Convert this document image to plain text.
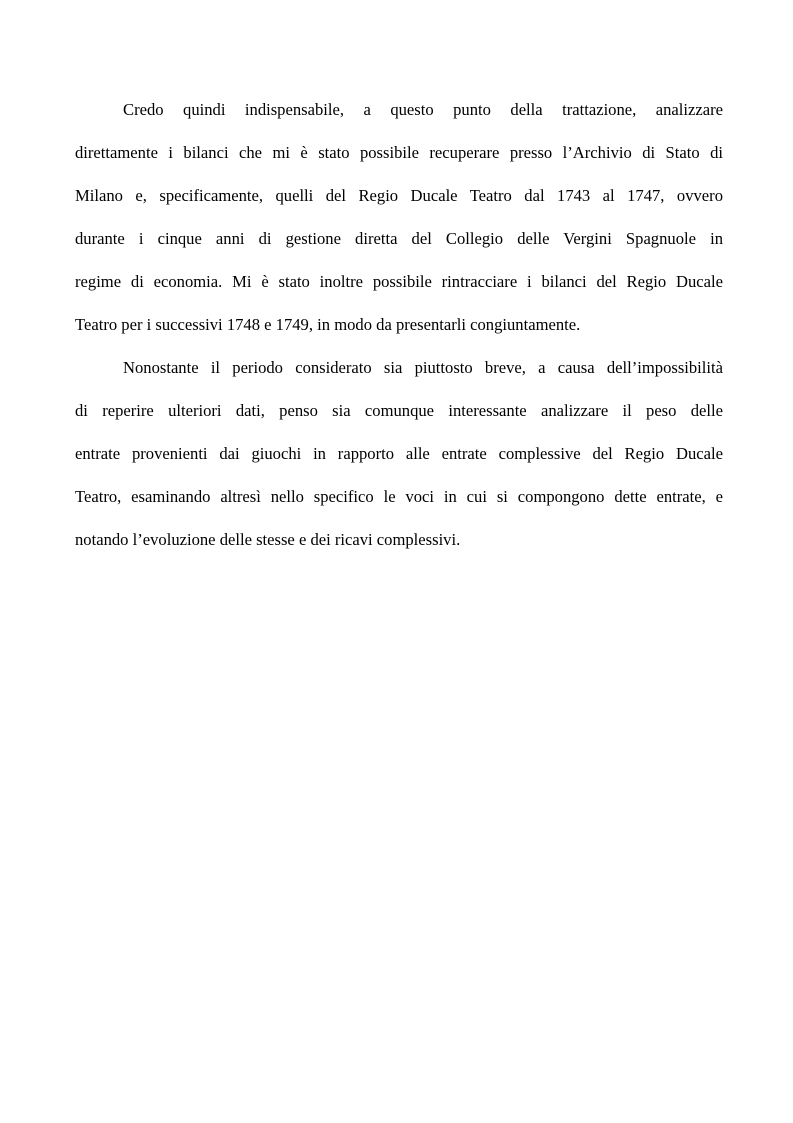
Credo quindi indispensabile, a questo punto della trattazione, analizzare
direttamente i bilanci che mi è stato possibile recuperare presso l’Archivio di Stato di
Milano e, specificamente, quelli del Regio Ducale Teatro dal 1743 al 1747, ovvero
durante i cinque anni di gestione diretta del Collegio delle Vergini Spagnuole in
regime di economia. Mi è stato inoltre possibile rintracciare i bilanci del Regio Ducale
Teatro per i successivi 1748 e 1749, in modo da presentarli congiuntamente.
Nonostante il periodo considerato sia piuttosto breve, a causa dell’impossibilità
di reperire ulteriori dati, penso sia comunque interessante analizzare il peso delle
entrate provenienti dai giuochi in rapporto alle entrate complessive del Regio Ducale
Teatro, esaminando altresì nello specifico le voci in cui si compongono dette entrate, e
notando l’evoluzione delle stesse e dei ricavi complessivi.
